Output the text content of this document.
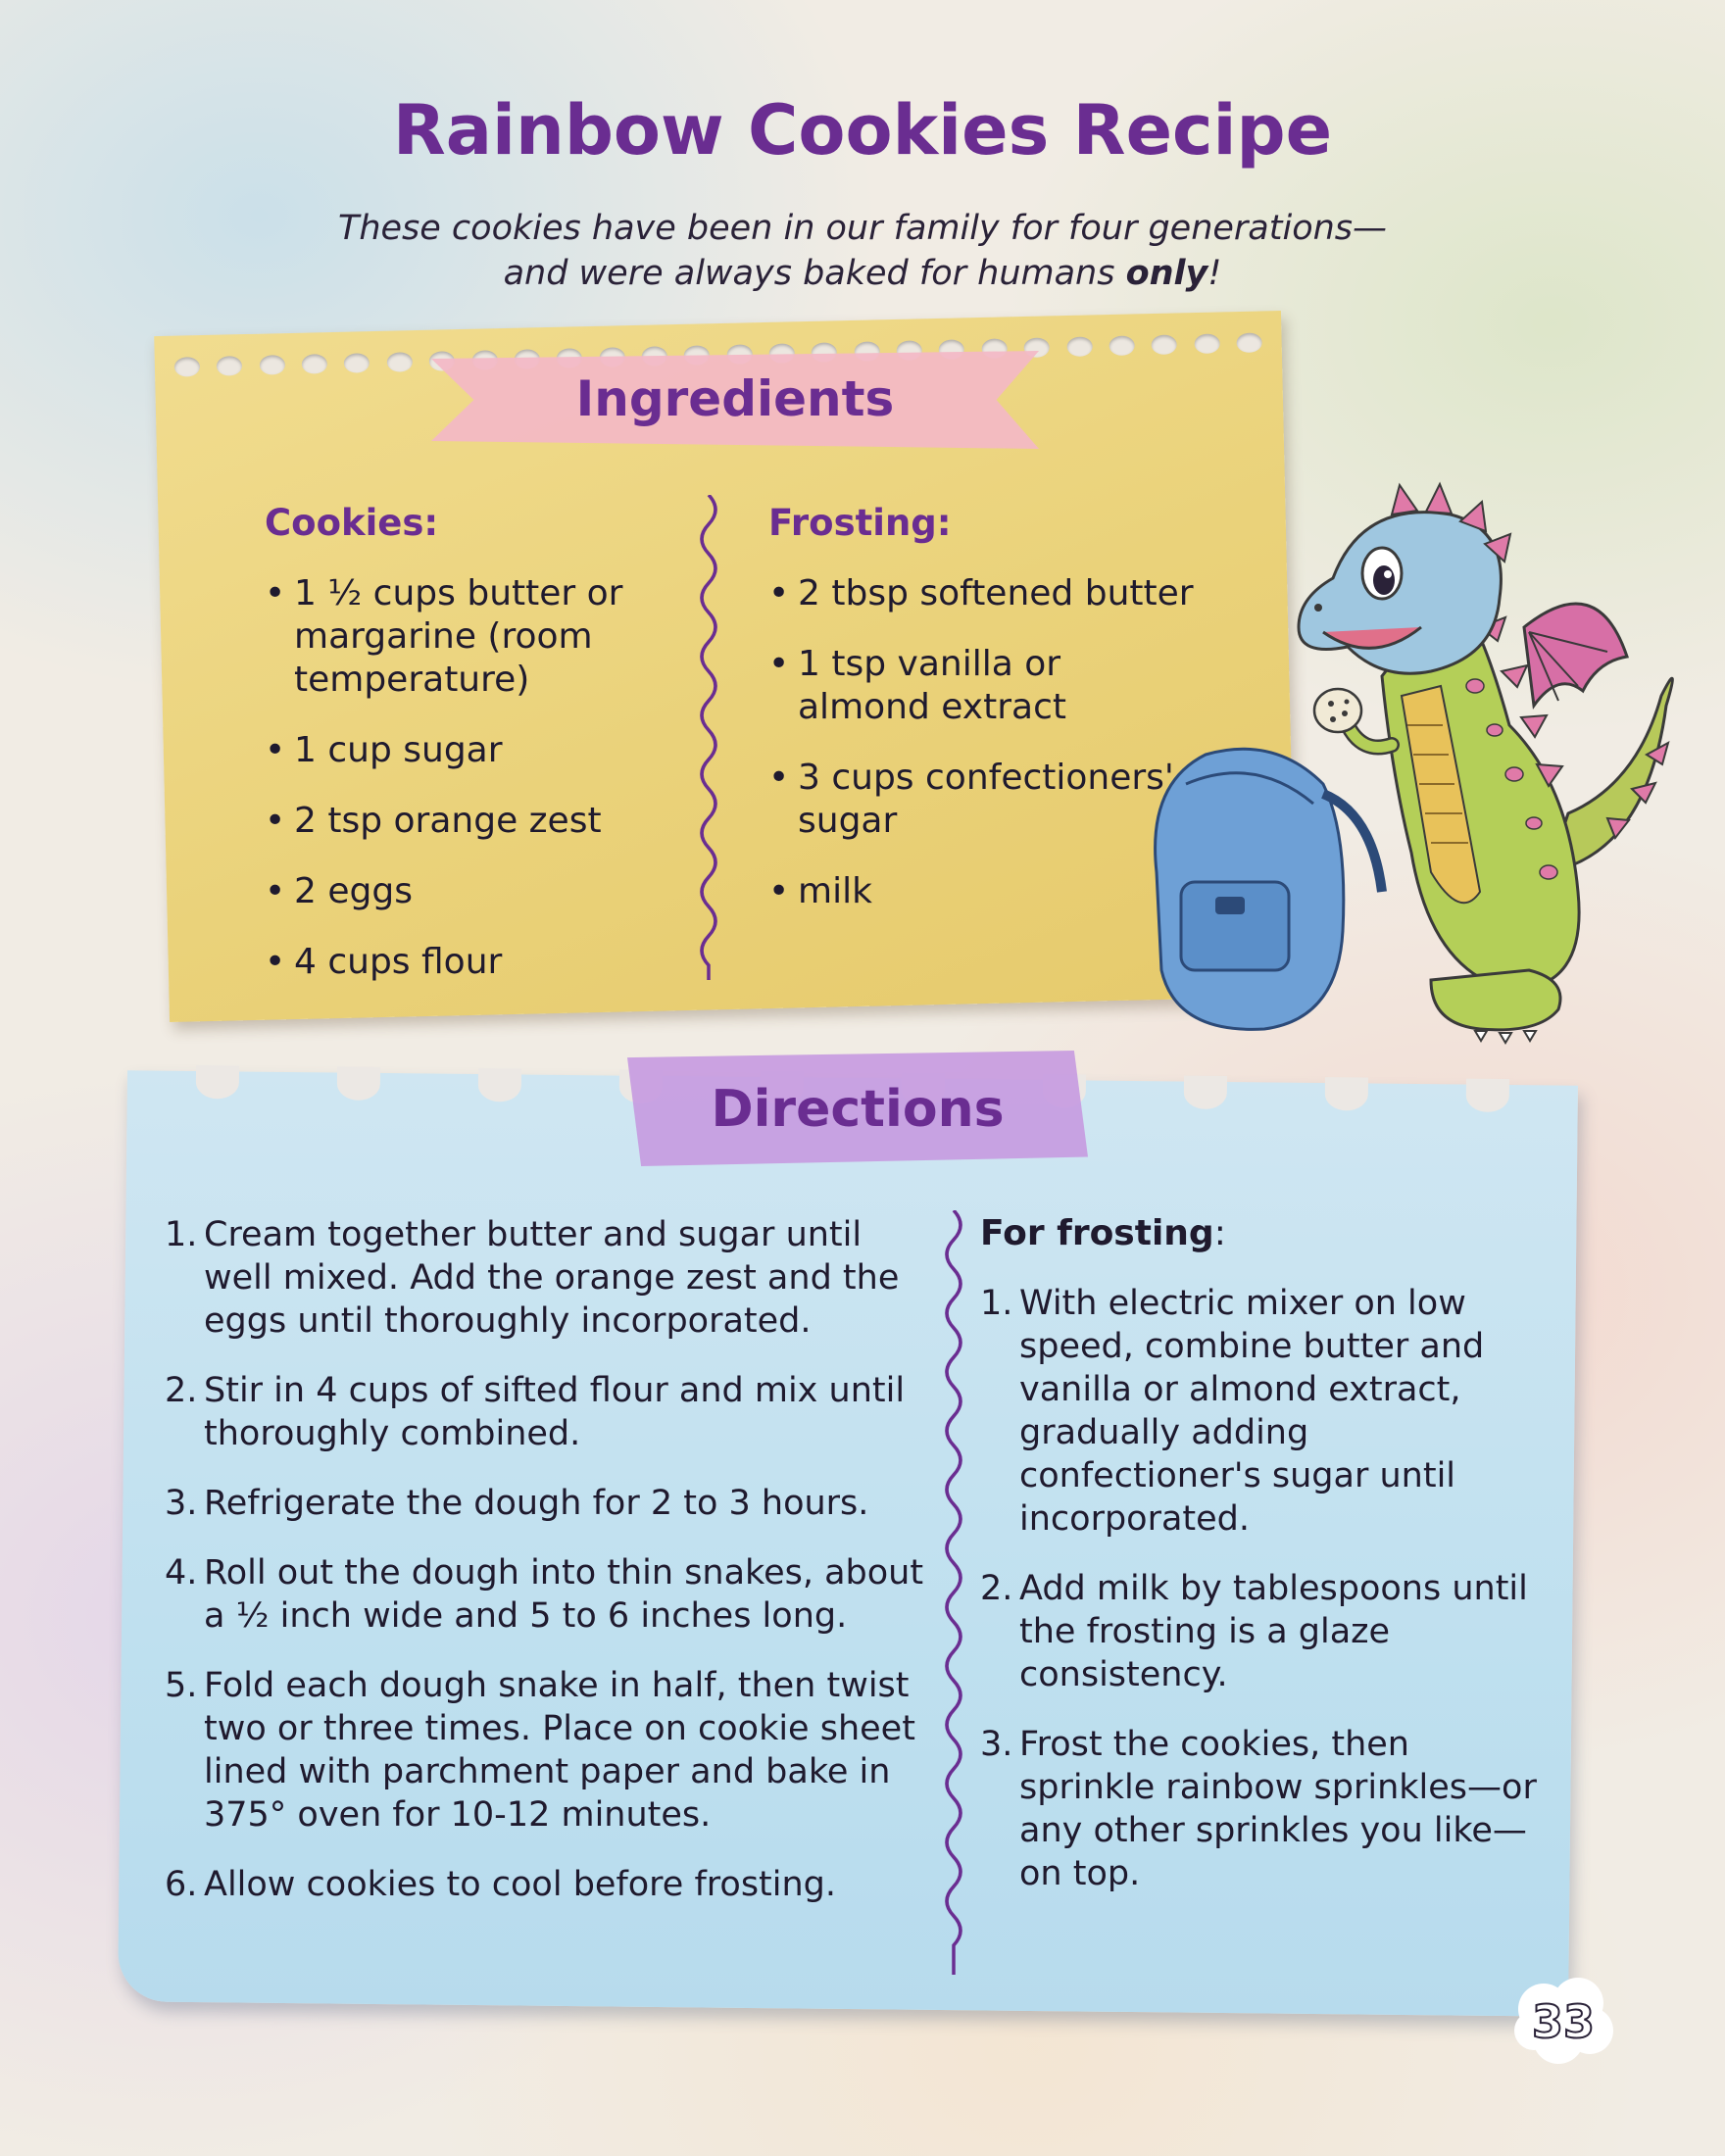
Rainbow Cookies Recipe
These cookies have been in our family for four generations—
and were always baked for humans only!
Ingredients
Cookies:
• 1 ½ cups butter or margarine (room temperature)
• 1 cup sugar
• 2 tsp orange zest
• 2 eggs
• 4 cups flour
Frosting:
• 2 tbsp softened butter
• 1 tsp vanilla or almond extract
• 3 cups confectioners' sugar
• milk
Directions
1. Cream together butter and sugar until well mixed. Add the orange zest and the eggs until thoroughly incorporated.
2. Stir in 4 cups of sifted flour and mix until thoroughly combined.
3. Refrigerate the dough for 2 to 3 hours.
4. Roll out the dough into thin snakes, about a ½ inch wide and 5 to 6 inches long.
5. Fold each dough snake in half, then twist two or three times. Place on cookie sheet lined with parchment paper and bake in 375° oven for 10-12 minutes.
6. Allow cookies to cool before frosting.
For frosting:
1. With electric mixer on low speed, combine butter and vanilla or almond extract, gradually adding confectioner's sugar until incorporated.
2. Add milk by tablespoons until the frosting is a glaze consistency.
3. Frost the cookies, then sprinkle rainbow sprinkles—or any other sprinkles you like—on top.
33
